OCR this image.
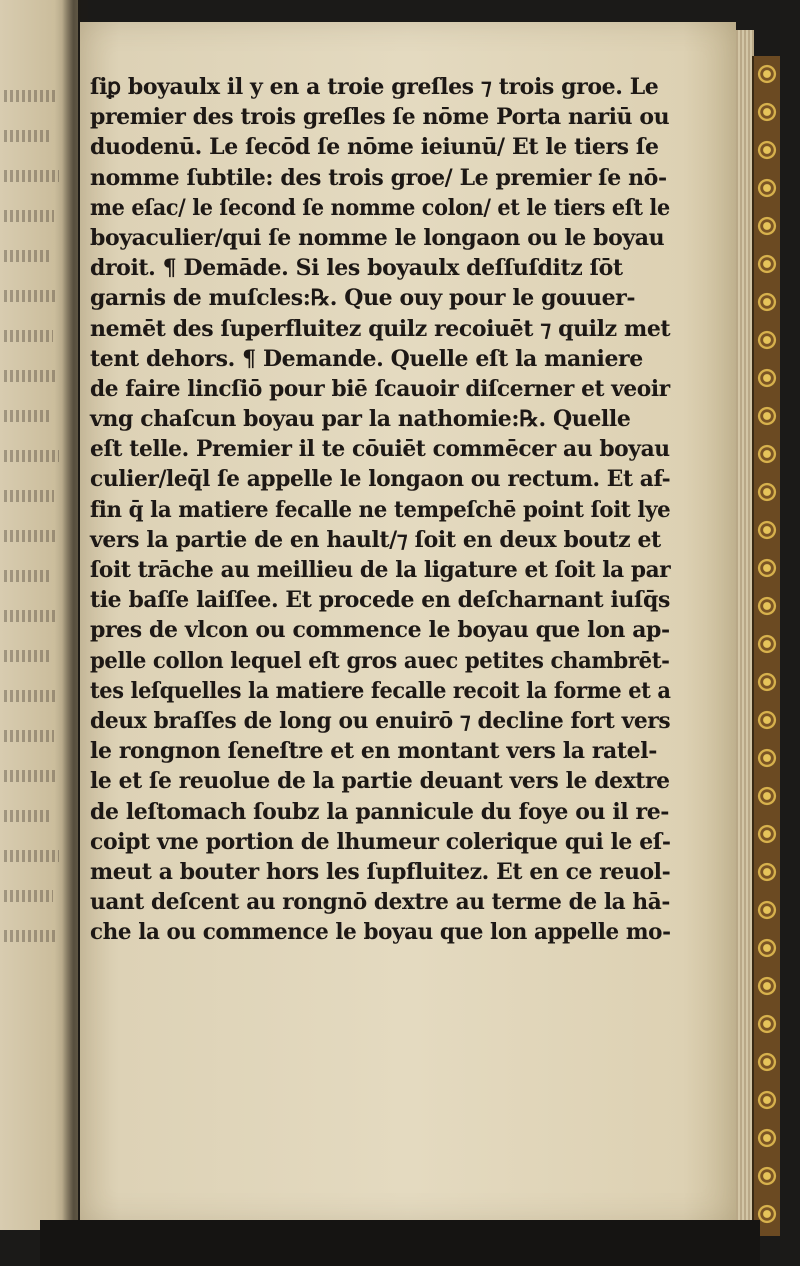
ſiꝑ boyaulx il y en a troie greſles ⁊ trois groe. Le
premier des trois greſles ſe nōme Porta nariū ou
duodenū. Le ſecōd ſe nōme ieiunū/ Et le tiers ſe
nomme ſubtile: des trois groe/ Le premier ſe nō-
me eſac/ le ſecond ſe nomme colon/ et le tiers eſt le
boyaculier/qui ſe nomme le longaon ou le boyau
droit. ¶ Demāde. Si les boyaulx deſſuſditz ſōt
garnis de muſcles:℞. Que ouy pour le gouuer-
nemēt des ſuperfluitez quilz recoiuēt ⁊ quilz met
tent dehors. ¶ Demande. Quelle eſt la maniere
de faire lincſiō pour biē ſcauoir diſcerner et veoir
vng chaſcun boyau par la nathomie:℞. Quelle
eſt telle. Premier il te cōuiēt commēcer au boyau
culier/leq̄l ſe appelle le longaon ou rectum. Et af-
fin q̄ la matiere fecalle ne tempeſchē point ſoit lye
vers la partie de en hault/⁊ ſoit en deux boutz et
ſoit trāche au meillieu de la ligature et ſoit la par
tie baſſe laiſſee. Et procede en deſcharnant iuſq̄s
pres de vlcon ou commence le boyau que lon ap-
pelle collon lequel eſt gros auec petites chambrēt-
tes leſquelles la matiere fecalle recoit la forme et a
deux braſſes de long ou enuirō ⁊ decline fort vers
le rongnon ſeneſtre et en montant vers la ratel-
le et ſe reuolue de la partie deuant vers le dextre
de leſtomach ſoubz la pannicule du foye ou il re-
coipt vne portion de lhumeur colerique qui le eſ-
meut a bouter hors les ſupfluitez. Et en ce reuol-
uant deſcent au rongnō dextre au terme de la hā-
che la ou commence le boyau que lon appelle mo-
